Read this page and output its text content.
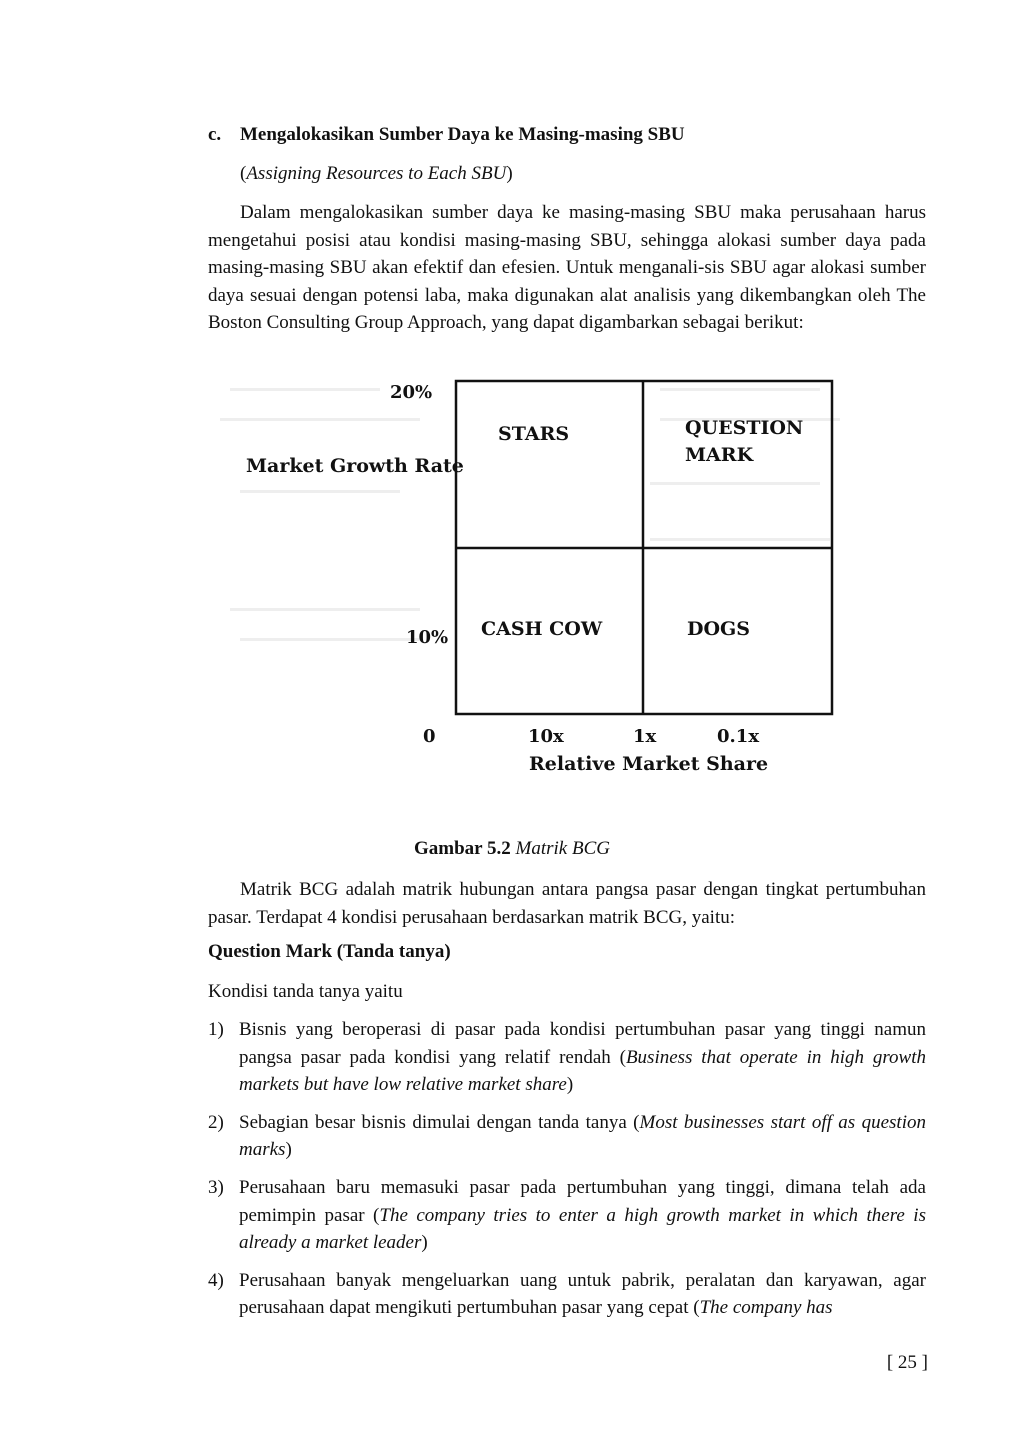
c. Mengalokasikan Sumber Daya ke Masing-masing SBU
(Assigning Resources to Each SBU)

Dalam mengalokasikan sumber daya ke masing-masing SBU maka perusahaan harus mengetahui posisi atau kondisi masing-masing SBU, sehingga alokasi sumber daya pada masing-masing SBU akan efektif dan efesien. Untuk menganali-sis SBU agar alokasi sumber daya sesuai dengan potensi laba, maka digunakan alat analisis yang dikembangkan oleh The Boston Consulting Group Approach, yang dapat digambarkan sebagai berikut:

20%
Market Growth Rate
10%
0	10x	1x	0.1x
Relative Market Share
STARS	QUESTION
MARK
CASH COW	DOGS
Gambar 5.2 Matrik BCG

Matrik BCG adalah matrik hubungan antara pangsa pasar dengan tingkat pertumbuhan pasar. Terdapat 4 kondisi perusahaan berdasarkan matrik BCG, yaitu:

Question Mark (Tanda tanya)
Kondisi tanda tanya yaitu
1) Bisnis yang beroperasi di pasar pada kondisi pertumbuhan pasar yang tinggi namun pangsa pasar pada kondisi yang relatif rendah (Business that operate in high growth markets but have low relative market share)
2) Sebagian besar bisnis dimulai dengan tanda tanya (Most businesses start off as question marks)
3) Perusahaan baru memasuki pasar pada pertumbuhan yang tinggi, dimana telah ada pemimpin pasar (The company tries to enter a high growth market in which there is already a market leader)
4) Perusahaan banyak mengeluarkan uang untuk pabrik, peralatan dan karyawan, agar perusahaan dapat mengikuti pertumbuhan pasar yang cepat (The company has
[ 25 ]
